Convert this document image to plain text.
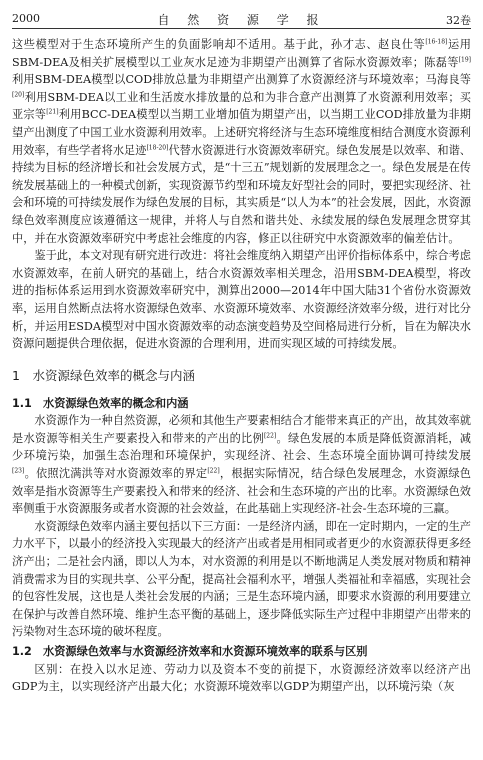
2000	自 然 资 源 学 报	32卷

这些模型对于生态环境所产生的负面影响却不适用。基于此，孙才志、赵良仕等[16-18]运用SBM-DEA及相关扩展模型以工业灰水足迹为非期望产出测算了省际水资源效率；陈磊等[19]利用SBM-DEA模型以COD排放总量为非期望产出测算了水资源经济与环境效率；马海良等[20]利用SBM-DEA以工业和生活废水排放量的总和为非合意产出测算了水资源利用效率；买亚宗等[21]利用BCC-DEA模型以当期工业增加值为期望产出，以当期工业COD排放量为非期望产出测度了中国工业水资源利用效率。上述研究将经济与生态环境维度相结合测度水资源利用效率，有些学者将水足迹[18-20]代替水资源进行水资源效率研究。绿色发展是以效率、和谐、持续为目标的经济增长和社会发展方式，是“十三五”规划新的发展理念之一。绿色发展是在传统发展基础上的一种模式创新，实现资源节约型和环境友好型社会的同时，要把实现经济、社会和环境的可持续发展作为绿色发展的目标，其实质是“以人为本”的社会发展，因此，水资源绿色效率测度应该遵循这一规律，并将人与自然和谐共处、永续发展的绿色发展理念贯穿其中，并在水资源效率研究中考虑社会维度的内容，修正以往研究中水资源效率的偏差估计。

鉴于此，本文对现有研究进行改进：将社会维度纳入期望产出评价指标体系中，综合考虑水资源效率，在前人研究的基础上，结合水资源效率相关理念，沿用SBM-DEA模型，将改进的指标体系运用到水资源效率研究中，测算出2000—2014年中国大陆31个省份水资源效率，运用自然断点法将水资源绿色效率、水资源环境效率、水资源经济效率分级，进行对比分析，并运用ESDA模型对中国水资源效率的动态演变趋势及空间格局进行分析，旨在为解决水资源问题提供合理依据，促进水资源的合理利用，进而实现区域的可持续发展。

1　水资源绿色效率的概念与内涵
1.1　水资源绿色效率的概念和内涵

水资源作为一种自然资源，必须和其他生产要素相结合才能带来真正的产出，故其效率就是水资源等相关生产要素投入和带来的产出的比例[22]。绿色发展的本质是降低资源消耗，减少环境污染，加强生态治理和环境保护，实现经济、社会、生态环境全面协调可持续发展[23]。依照沈满洪等对水资源效率的界定[22]，根据实际情况，结合绿色发展理念，水资源绿色效率是指水资源等生产要素投入和带来的经济、社会和生态环境的产出的比率。水资源绿色效率侧重于水资源服务或者水资源的社会效益，在此基础上实现经济-社会-生态环境的三赢。

水资源绿色效率内涵主要包括以下三方面：一是经济内涵，即在一定时期内，一定的生产力水平下，以最小的经济投入实现最大的经济产出或者是用相同或者更少的水资源获得更多经济产出；二是社会内涵，即以人为本，对水资源的利用是以不断地满足人类发展对物质和精神消费需求为目的实现共享、公平分配，提高社会福利水平，增强人类福祉和幸福感，实现社会的包容性发展，这也是人类社会发展的内涵；三是生态环境内涵，即要求水资源的利用要建立在保护与改善自然环境、维护生态平衡的基础上，逐步降低实际生产过程中非期望产出带来的污染物对生态环境的破坏程度。

1.2　水资源绿色效率与水资源经济效率和水资源环境效率的联系与区别

区别：在投入以水足迹、劳动力以及资本不变的前提下，水资源经济效率以经济产出GDP为主，以实现经济产出最大化；水资源环境效率以GDP为期望产出，以环境污染（灰
